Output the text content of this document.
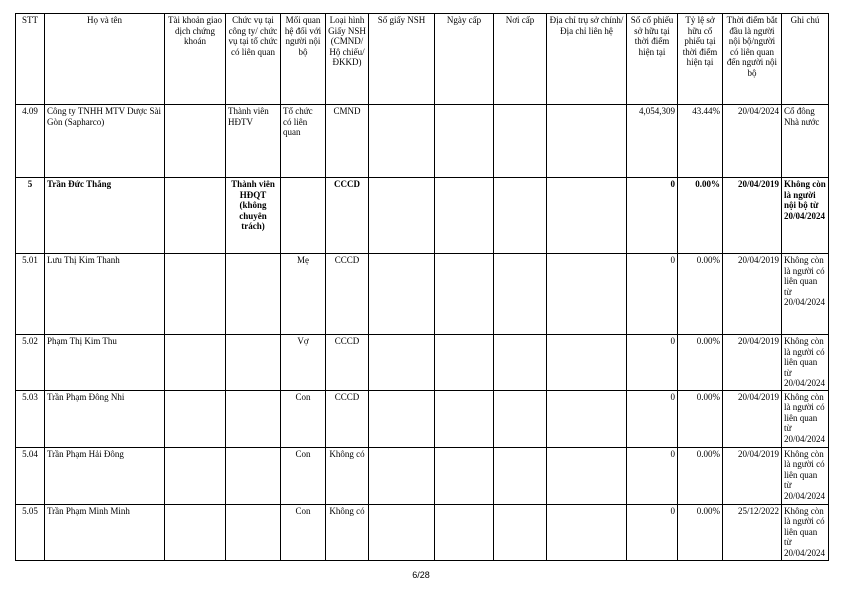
STT	Họ và tên	Tài khoản giao dịch chứng khoán	Chức vụ tại công ty/ chức vụ tại tổ chức có liên quan	Mối quan hệ đối với người nội bộ	Loại hình Giấy NSH (CMND/ Hộ chiếu/ ĐKKD)	Số giấy NSH	Ngày cấp	Nơi cấp	Địa chỉ trụ sở chính/Địa chỉ liên hệ	Số cổ phiếu sở hữu tại thời điểm hiện tại	Tỷ lệ sở hữu cổ phiếu tại thời điểm hiện tại	Thời điểm bắt đầu là người nội bộ/người có liên quan đến người nội bộ	Ghi chú
4.09	Công ty TNHH MTV Dược Sài Gòn (Sapharco)		Thành viên HĐTV	Tổ chức có liên quan	CMND					4,054,309	43.44%	20/04/2024	Cổ đông Nhà nước
5	Trần Đức Thắng		Thành viên HĐQT (không chuyên trách)		CCCD					0	0.00%	20/04/2019	Không còn là người nội bộ từ 20/04/2024
5.01	Lưu Thị Kim Thanh			Mẹ	CCCD					0	0.00%	20/04/2019	Không còn là người có liên quan từ 20/04/2024
5.02	Phạm Thị Kim Thu			Vợ	CCCD					0	0.00%	20/04/2019	Không còn là người có liên quan từ 20/04/2024
5.03	Trần Phạm Đông Nhi			Con	CCCD					0	0.00%	20/04/2019	Không còn là người có liên quan từ 20/04/2024
5.04	Trần Phạm Hải Đông			Con	Không có					0	0.00%	20/04/2019	Không còn là người có liên quan từ 20/04/2024
5.05	Trần Phạm Minh Minh			Con	Không có					0	0.00%	25/12/2022	Không còn là người có liên quan từ 20/04/2024
6/28
